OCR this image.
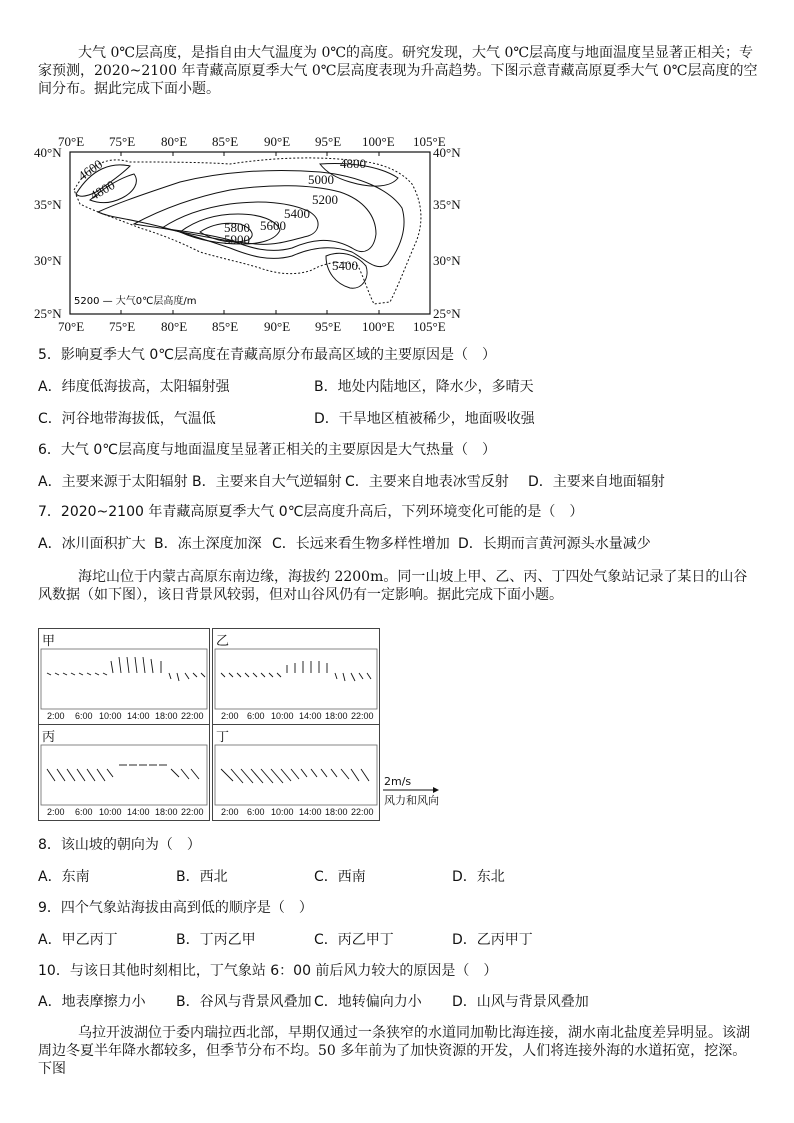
大气 0℃层高度，是指自由大气温度为 0℃的高度。研究发现，大气 0℃层高度与地面温度呈显著正相关；专家预测，2020~2100 年青藏高原夏季大气 0℃层高度表现为升高趋势。下图示意青藏高原夏季大气 0℃层高度的空间分布。据此完成下面小题。
70°E 75°E 80°E 85°E 90°E 95°E 100°E 105°E
70°E 75°E 80°E 85°E 90°E 95°E 100°E 105°E
40°N
35°N
30°N
25°N
40°N
35°N
30°N
25°N
4600
4800
4800
5000
5200
5400
5600
5800
5900
5400
5200 — 大气0℃层高度/m
5．影响夏季大气 0℃层高度在青藏高原分布最高区域的主要原因是（　）
A．纬度低海拔高，太阳辐射强	B．地处内陆地区，降水少，多晴天
C．河谷地带海拔低，气温低	D．干旱地区植被稀少，地面吸收强
6．大气 0℃层高度与地面温度呈显著正相关的主要原因是大气热量（　）
A．主要来源于太阳辐射 B．主要来自大气逆辐射 C．主要来自地表冰雪反射 D．主要来自地面辐射
7．2020~2100 年青藏高原夏季大气 0℃层高度升高后，下列环境变化可能的是（　）
A．冰川面积扩大 B．冻土深度加深 C．长远来看生物多样性增加 D．长期而言黄河源头水量减少
海坨山位于内蒙古高原东南边缘，海拔约 2200m。同一山坡上甲、乙、丙、丁四处气象站记录了某日的山谷风数据（如下图），该日背景风较弱，但对山谷风仍有一定影响。据此完成下面小题。
甲
2:00 6:00 10:00 14:00 18:00 22:00
乙
2:00 6:00 10:00 14:00 18:00 22:00
丙
2:00 6:00 10:00 14:00 18:00 22:00
丁
2:00 6:00 10:00 14:00 18:00 22:00
2m/s
风力和风向
8．该山坡的朝向为（　）
A．东南	B．西北	C．西南	D．东北
9．四个气象站海拔由高到低的顺序是（　）
A．甲乙丙丁	B．丁丙乙甲	C．丙乙甲丁	D．乙丙甲丁
10．与该日其他时刻相比，丁气象站 6：00 前后风力较大的原因是（　）
A．地表摩擦力小 B．谷风与背景风叠加 C．地转偏向力小 D．山风与背景风叠加
乌拉开波湖位于委内瑞拉西北部，早期仅通过一条狭窄的水道同加勒比海连接，湖水南北盐度差异明显。该湖周边冬夏半年降水都较多，但季节分布不均。50 多年前为了加快资源的开发，人们将连接外海的水道拓宽，挖深。下图
